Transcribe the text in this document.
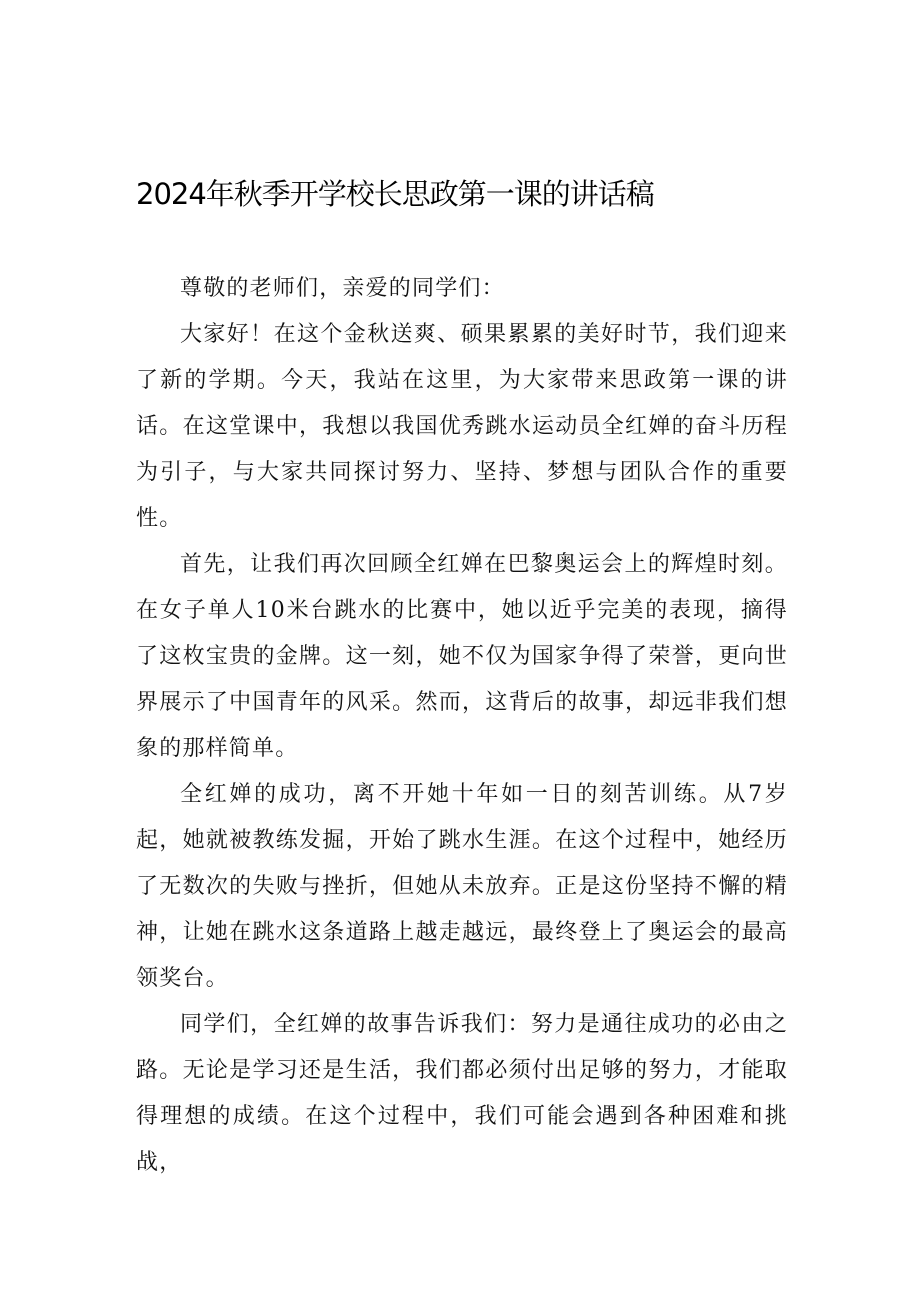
2024年秋季开学校长思政第一课的讲话稿

尊敬的老师们，亲爱的同学们：

大家好！在这个金秋送爽、硕果累累的美好时节，我们迎来了新的学期。今天，我站在这里，为大家带来思政第一课的讲话。在这堂课中，我想以我国优秀跳水运动员全红婵的奋斗历程为引子，与大家共同探讨努力、坚持、梦想与团队合作的重要性。

首先，让我们再次回顾全红婵在巴黎奥运会上的辉煌时刻。在女子单人10米台跳水的比赛中，她以近乎完美的表现，摘得了这枚宝贵的金牌。这一刻，她不仅为国家争得了荣誉，更向世界展示了中国青年的风采。然而，这背后的故事，却远非我们想象的那样简单。

全红婵的成功，离不开她十年如一日的刻苦训练。从7岁起，她就被教练发掘，开始了跳水生涯。在这个过程中，她经历了无数次的失败与挫折，但她从未放弃。正是这份坚持不懈的精神，让她在跳水这条道路上越走越远，最终登上了奥运会的最高领奖台。

同学们，全红婵的故事告诉我们：努力是通往成功的必由之路。无论是学习还是生活，我们都必须付出足够的努力，才能取得理想的成绩。在这个过程中，我们可能会遇到各种困难和挑战，
